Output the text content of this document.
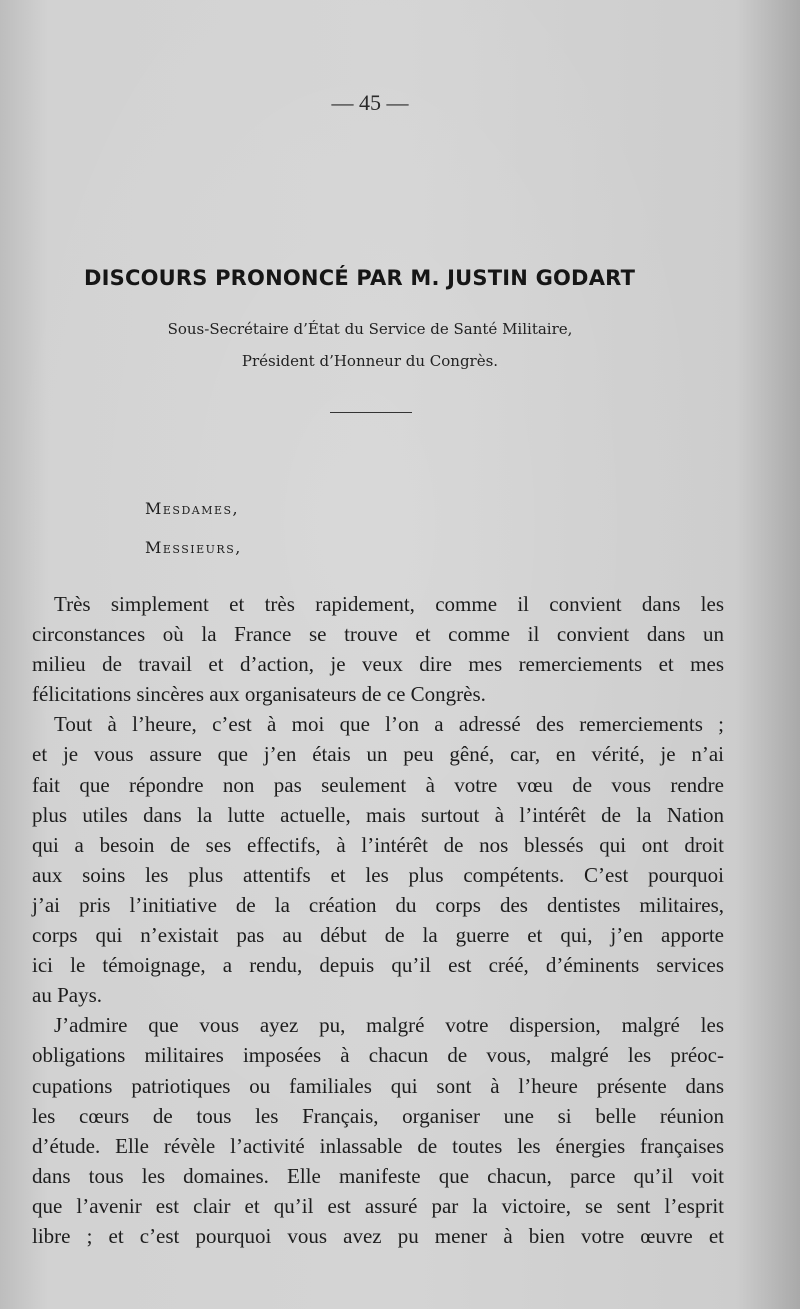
— 45 —
DISCOURS PRONONCÉ PAR M. JUSTIN GODART
Sous-Secrétaire d’État du Service de Santé Militaire,
Président d’Honneur du Congrès.
Mesdames,
Messieurs,

Très simplement et très rapidement, comme il convient dans les

circonstances où la France se trouve et comme il convient dans un

milieu de travail et d’action, je veux dire mes remerciements et mes

félicitations sincères aux organisateurs de ce Congrès.

Tout à l’heure, c’est à moi que l’on a adressé des remerciements ;

et je vous assure que j’en étais un peu gêné, car, en vérité, je n’ai

fait que répondre non pas seulement à votre vœu de vous rendre

plus utiles dans la lutte actuelle, mais surtout à l’intérêt de la Nation

qui a besoin de ses effectifs, à l’intérêt de nos blessés qui ont droit

aux soins les plus attentifs et les plus compétents. C’est pourquoi

j’ai pris l’initiative de la création du corps des dentistes militaires,

corps qui n’existait pas au début de la guerre et qui, j’en apporte

ici le témoignage, a rendu, depuis qu’il est créé, d’éminents services

au Pays.

J’admire que vous ayez pu, malgré votre dispersion, malgré les

obligations militaires imposées à chacun de vous, malgré les préoc-

cupations patriotiques ou familiales qui sont à l’heure présente dans

les cœurs de tous les Français, organiser une si belle réunion

d’étude. Elle révèle l’activité inlassable de toutes les énergies françaises

dans tous les domaines. Elle manifeste que chacun, parce qu’il voit

que l’avenir est clair et qu’il est assuré par la victoire, se sent l’esprit

libre ; et c’est pourquoi vous avez pu mener à bien votre œuvre et
